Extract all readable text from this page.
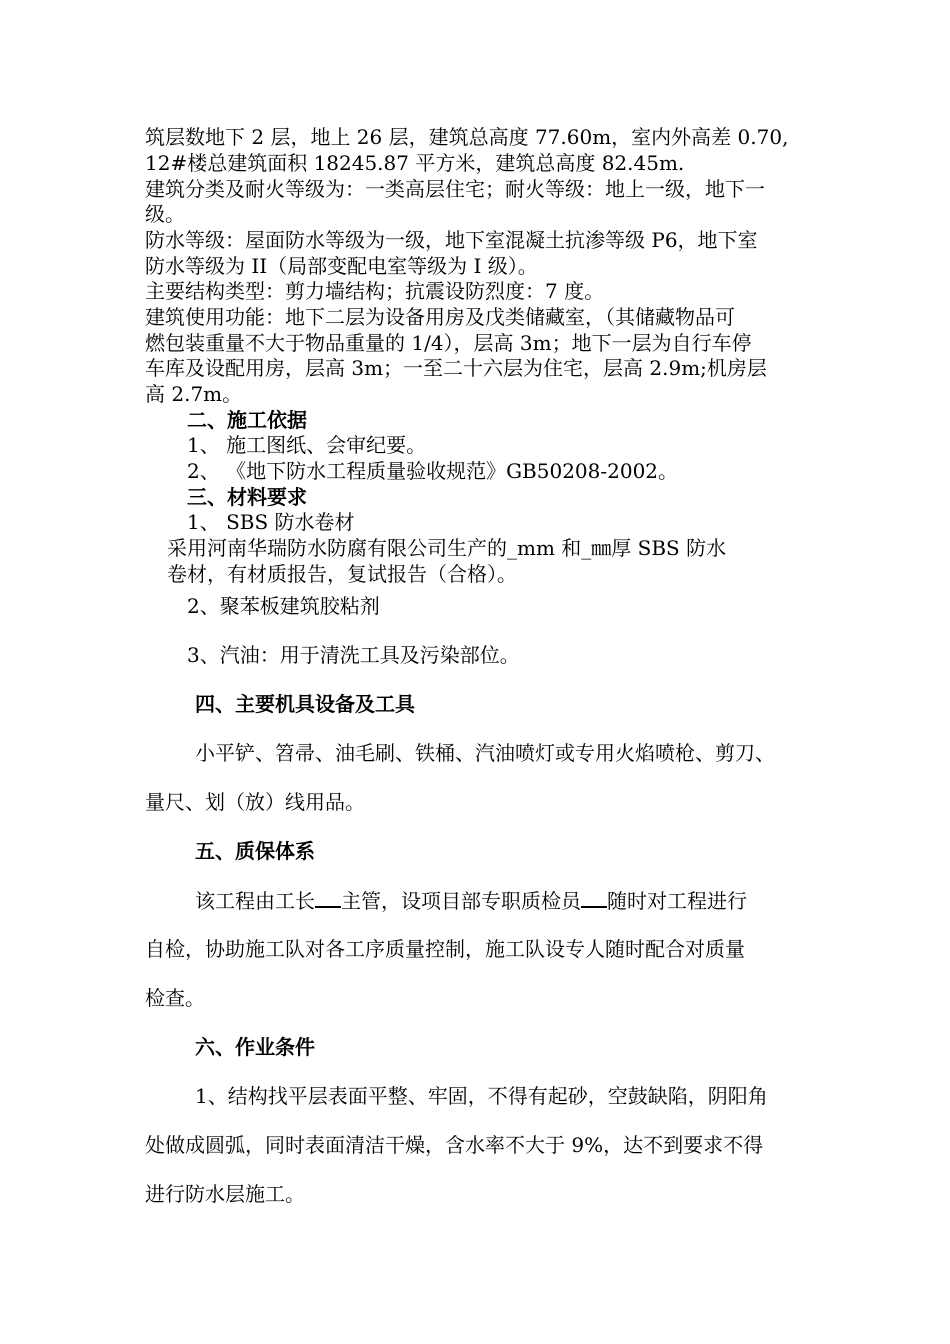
筑层数地下 2 层，地上 26 层，建筑总高度 77.60m，室内外高差 0.70,
12#楼总建筑面积 18245.87 平方米，建筑总高度 82.45m.
建筑分类及耐火等级为：一类高层住宅；耐火等级：地上一级，地下一
级。
防水等级：屋面防水等级为一级，地下室混凝土抗渗等级 P6，地下室
防水等级为 II（局部变配电室等级为 I 级）。
主要结构类型：剪力墙结构；抗震设防烈度：7 度。
建筑使用功能：地下二层为设备用房及戊类储藏室，（其储藏物品可
燃包装重量不大于物品重量的 1/4），层高 3m；地下一层为自行车停
车库及设配用房，层高 3m；一至二十六层为住宅，层高 2.9m;机房层
高 2.7m。
二、施工依据
1、 施工图纸、会审纪要。
2、 《地下防水工程质量验收规范》GB50208-2002。
三、材料要求
1、 SBS 防水卷材
采用河南华瑞防水防腐有限公司生产的_mm 和_㎜厚 SBS 防水
卷材，有材质报告，复试报告（合格）。
2、聚苯板建筑胶粘剂
3、汽油：用于清洗工具及污染部位。
四、主要机具设备及工具
小平铲、笤帚、油毛刷、铁桶、汽油喷灯或专用火焰喷枪、剪刀、
量尺、划（放）线用品。
五、质保体系
该工程由工长 主管，设项目部专职质检员 随时对工程进行
自检，协助施工队对各工序质量控制，施工队设专人随时配合对质量
检查。
六、作业条件
1、结构找平层表面平整、牢固，不得有起砂，空鼓缺陷，阴阳角
处做成圆弧，同时表面清洁干燥，含水率不大于 9%，达不到要求不得
进行防水层施工。
